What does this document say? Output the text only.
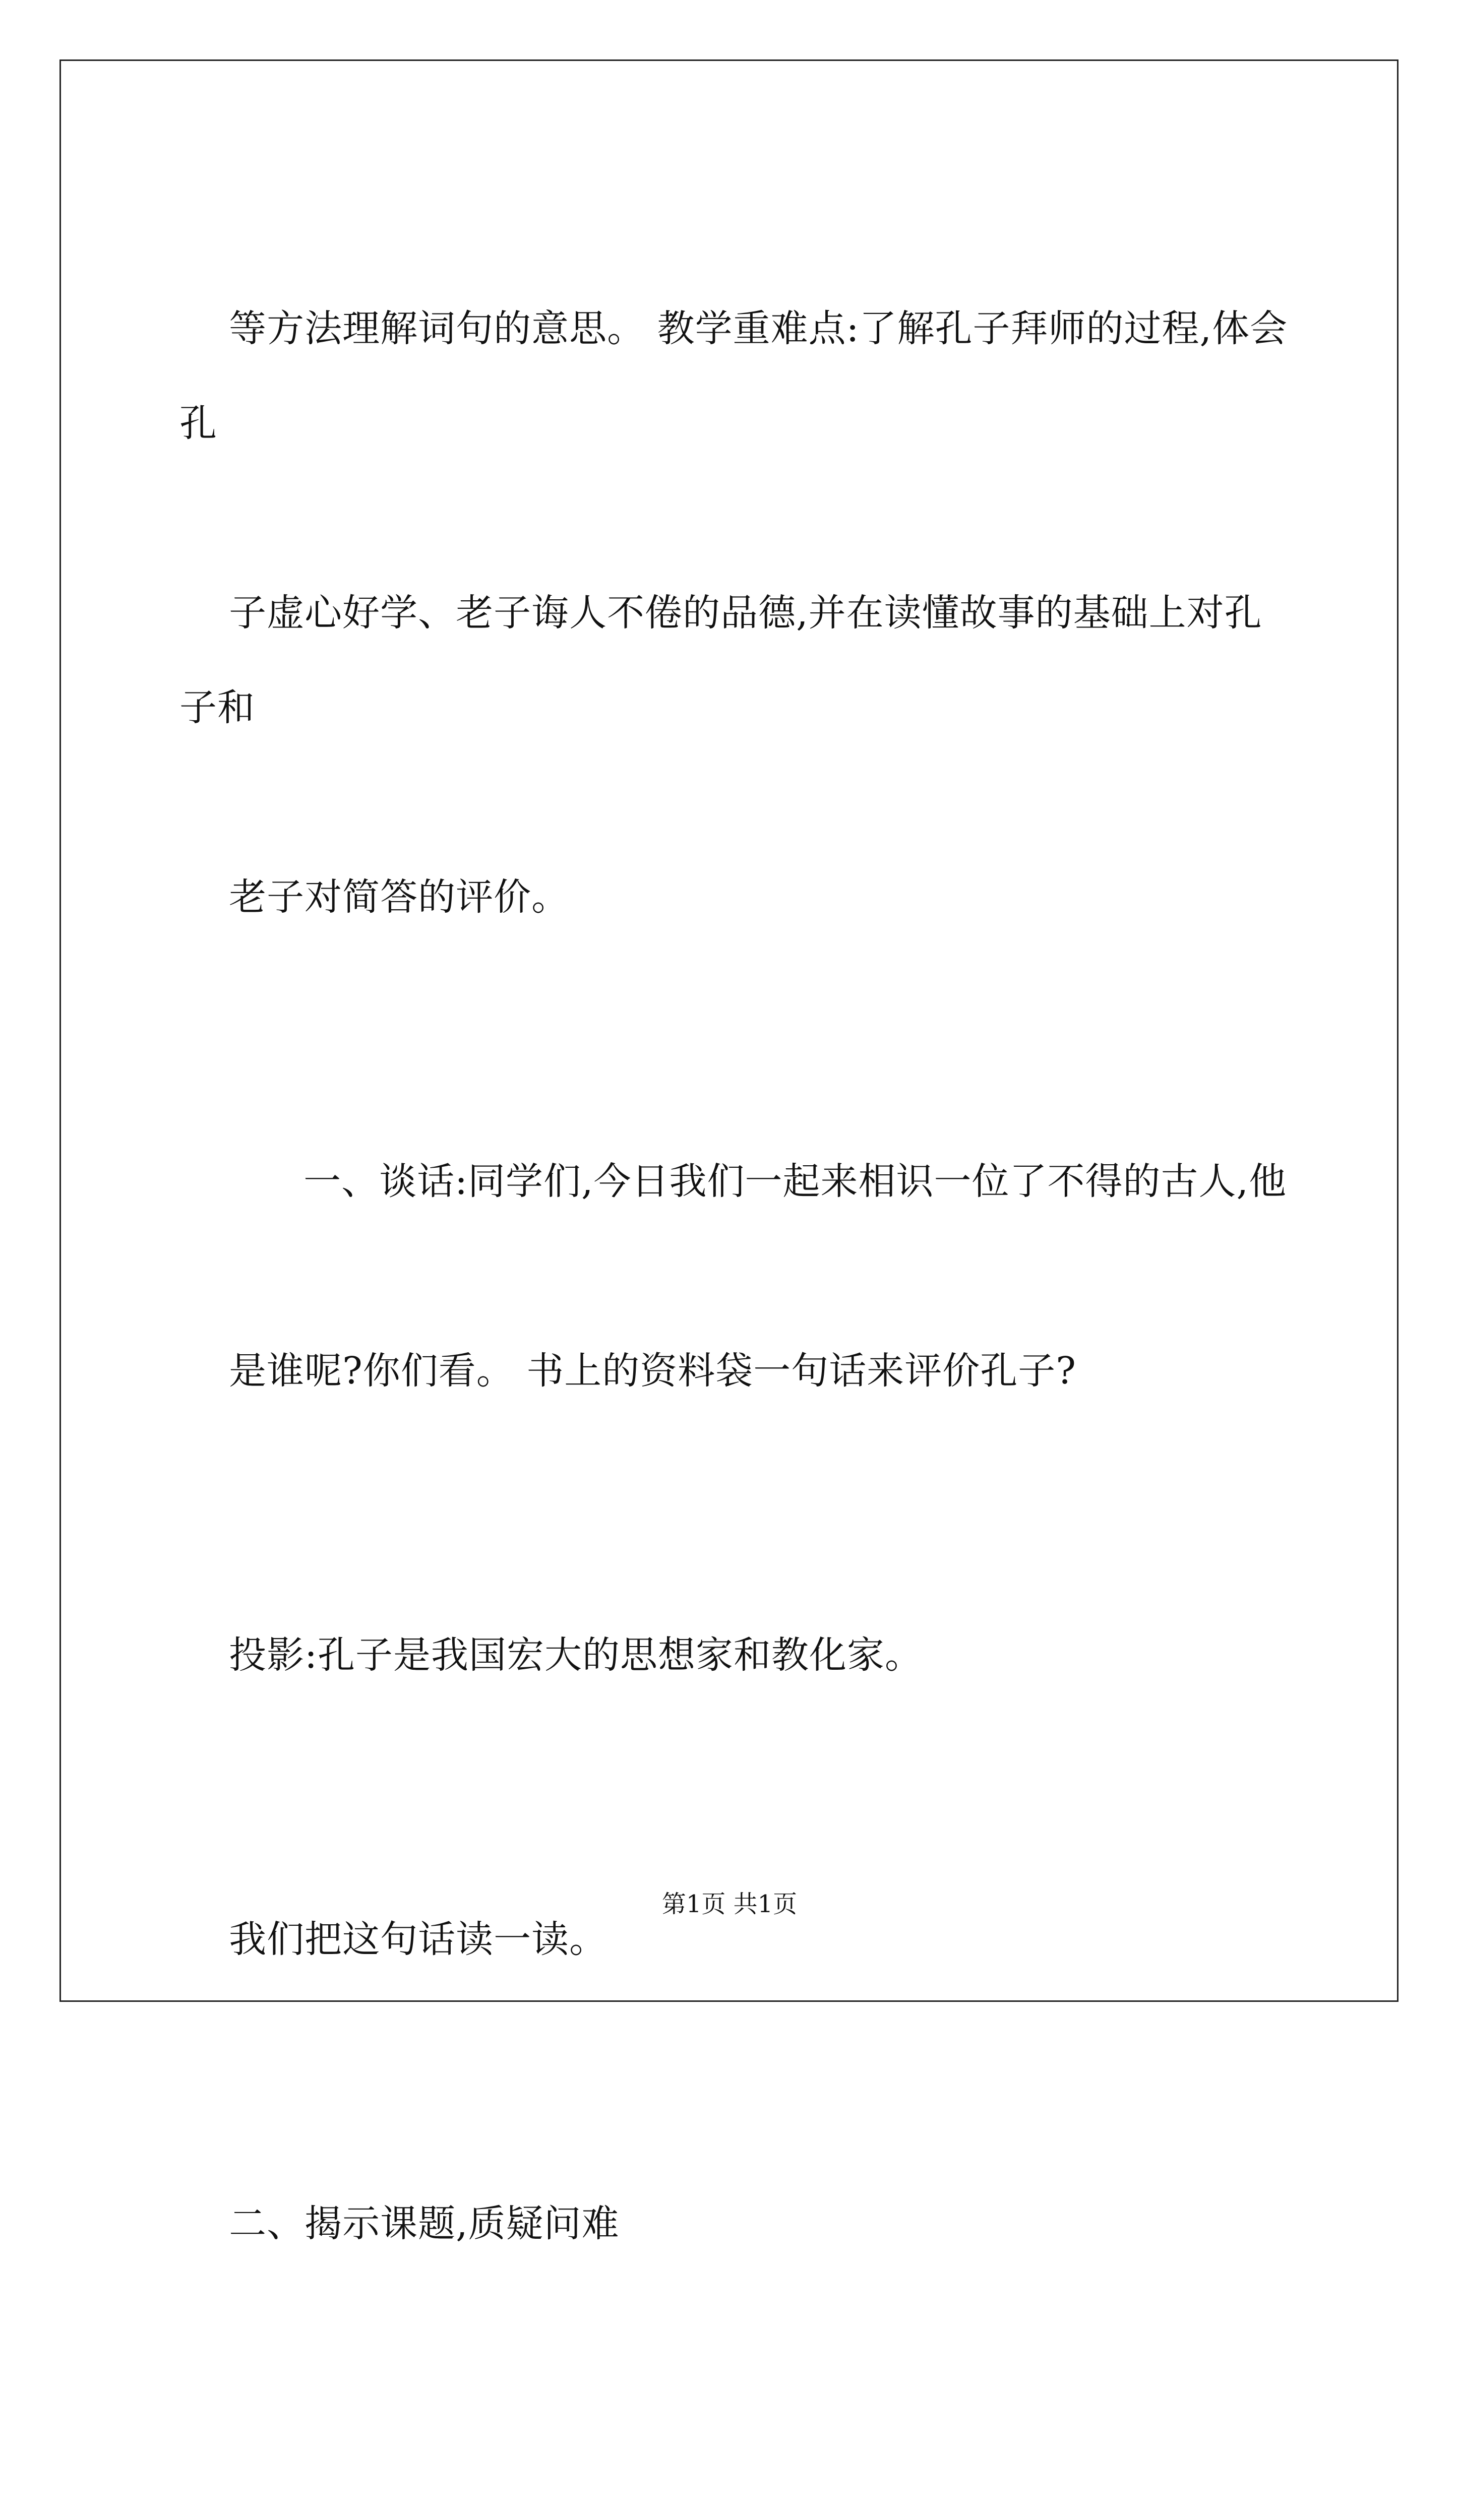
等方法理解词句的意思。 教学重难点:了解孔子拜师的过程,体会孔

子虚心好学、老子诲人不倦的品德,并在读懂故事的基础上对孔子和

老子对简答的评价。

一、谈话:同学们,今日我们一起来相识一位了不得的古人,他

是谁呢?你们看。 书上的资料袋一句话来评价孔子?

投影:孔子是我国宏大的思想家和教化家。

我们把这句话读一读。

二、揭示课题,质疑问难

第1页 共1页
